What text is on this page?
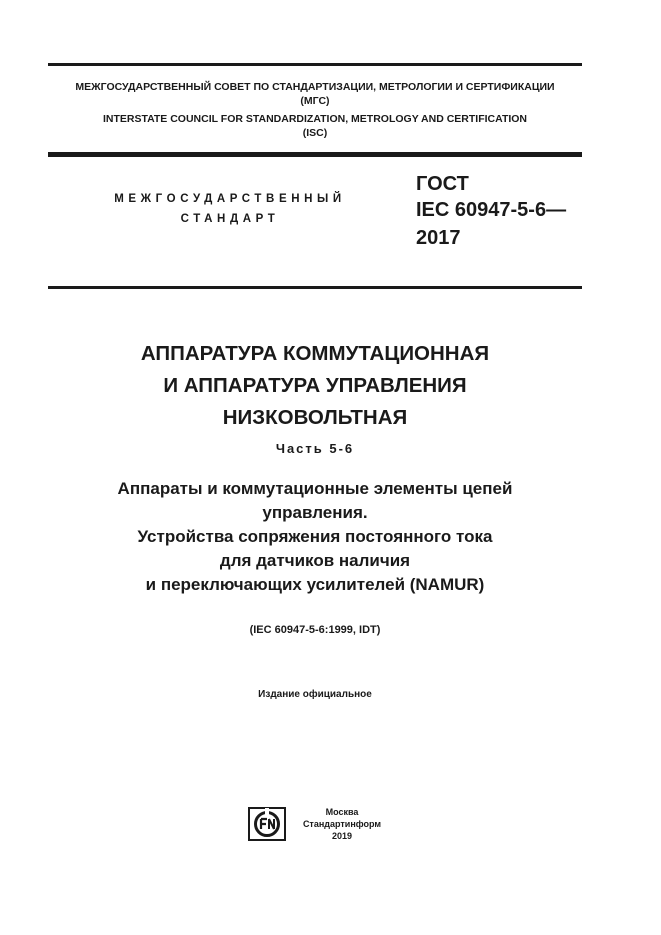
МЕЖГОСУДАРСТВЕННЫЙ СОВЕТ ПО СТАНДАРТИЗАЦИИ, МЕТРОЛОГИИ И СЕРТИФИКАЦИИ
(МГС)
INTERSTATE COUNCIL FOR STANDARDIZATION, METROLOGY AND CERTIFICATION
(ISC)
МЕЖГОСУДАРСТВЕННЫЙ
СТАНДАРТ
ГОСТ
IEC 60947-5-6—
2017
АППАРАТУРА КОММУТАЦИОННАЯ
И АППАРАТУРА УПРАВЛЕНИЯ
НИЗКОВОЛЬТНАЯ
Часть 5-6
Аппараты и коммутационные элементы цепей
управления.
Устройства сопряжения постоянного тока
для датчиков наличия
и переключающих усилителей (NAMUR)
(IEC 60947-5-6:1999, IDT)
Издание официальное
Москва
Стандартинформ
2019
